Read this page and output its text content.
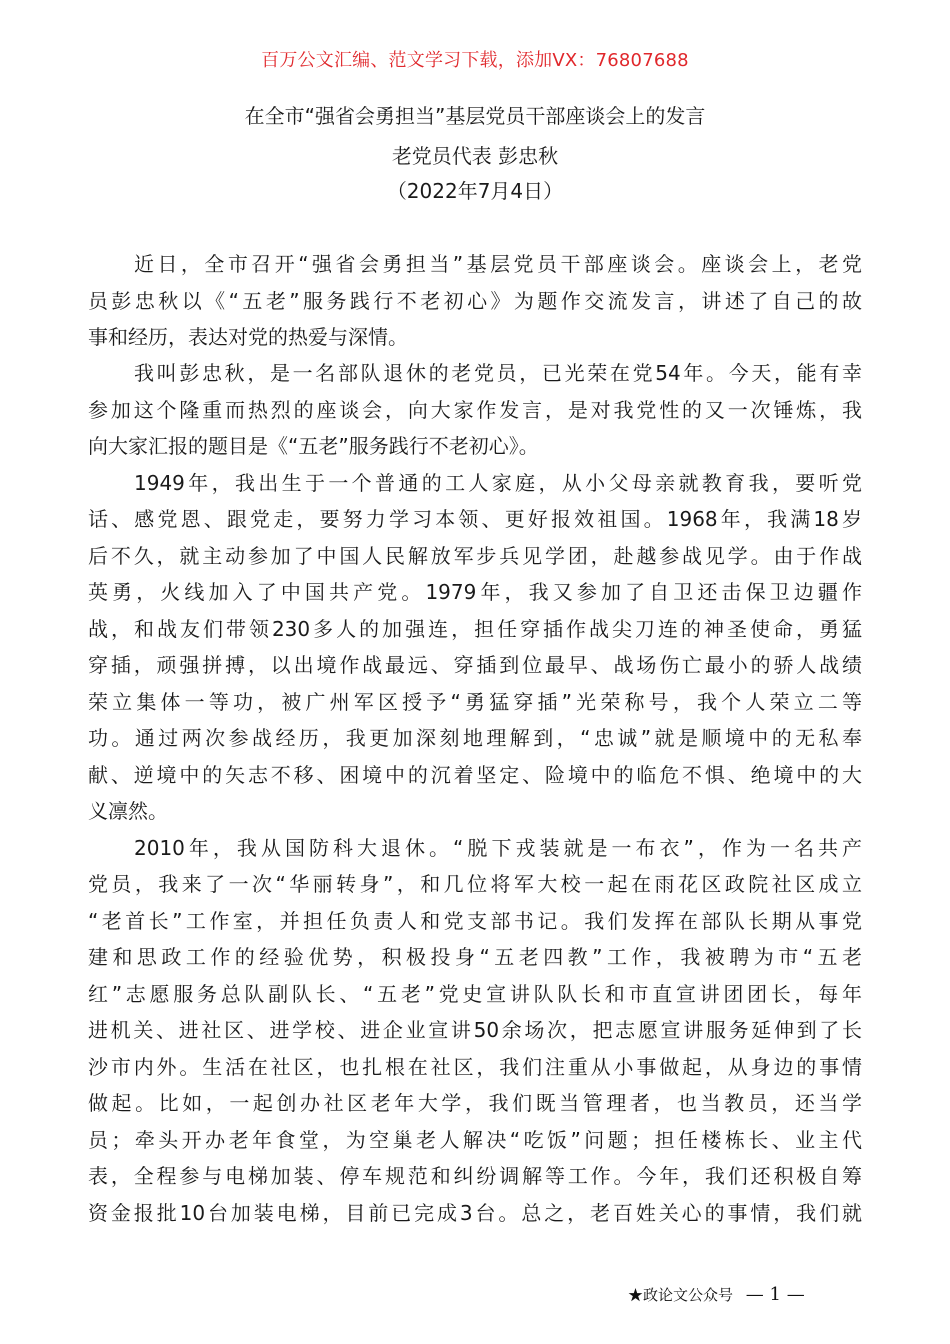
百万公文汇编、范文学习下载，添加VX：76807688
在全市“强省会勇担当”基层党员干部座谈会上的发言
老党员代表 彭忠秋
（2022年7月4日）
近日，全市召开“强省会勇担当”基层党员干部座谈会。座谈会上，老党
员彭忠秋以《“五老”服务践行不老初心》为题作交流发言，讲述了自己的故
事和经历，表达对党的热爱与深情。
我叫彭忠秋，是一名部队退休的老党员，已光荣在党54年。今天，能有幸
参加这个隆重而热烈的座谈会，向大家作发言，是对我党性的又一次锤炼，我
向大家汇报的题目是《“五老”服务践行不老初心》。
1949年，我出生于一个普通的工人家庭，从小父母亲就教育我，要听党
话、感党恩、跟党走，要努力学习本领、更好报效祖国。1968年，我满18岁
后不久，就主动参加了中国人民解放军步兵见学团，赴越参战见学。由于作战
英勇，火线加入了中国共产党。1979年，我又参加了自卫还击保卫边疆作
战，和战友们带领230多人的加强连，担任穿插作战尖刀连的神圣使命，勇猛
穿插，顽强拼搏，以出境作战最远、穿插到位最早、战场伤亡最小的骄人战绩
荣立集体一等功，被广州军区授予“勇猛穿插”光荣称号，我个人荣立二等
功。通过两次参战经历，我更加深刻地理解到，“忠诚”就是顺境中的无私奉
献、逆境中的矢志不移、困境中的沉着坚定、险境中的临危不惧、绝境中的大
义凛然。
2010年，我从国防科大退休。“脱下戎装就是一布衣”，作为一名共产
党员，我来了一次“华丽转身”，和几位将军大校一起在雨花区政院社区成立
“老首长”工作室，并担任负责人和党支部书记。我们发挥在部队长期从事党
建和思政工作的经验优势，积极投身“五老四教”工作，我被聘为市“五老
红”志愿服务总队副队长、“五老”党史宣讲队队长和市直宣讲团团长，每年
进机关、进社区、进学校、进企业宣讲50余场次，把志愿宣讲服务延伸到了长
沙市内外。生活在社区，也扎根在社区，我们注重从小事做起，从身边的事情
做起。比如，一起创办社区老年大学，我们既当管理者，也当教员，还当学
员；牵头开办老年食堂，为空巢老人解决“吃饭”问题；担任楼栋长、业主代
表，全程参与电梯加装、停车规范和纠纷调解等工作。今年，我们还积极自筹
资金报批10台加装电梯，目前已完成3台。总之，老百姓关心的事情，我们就
★政论文公众号 — 1 —
